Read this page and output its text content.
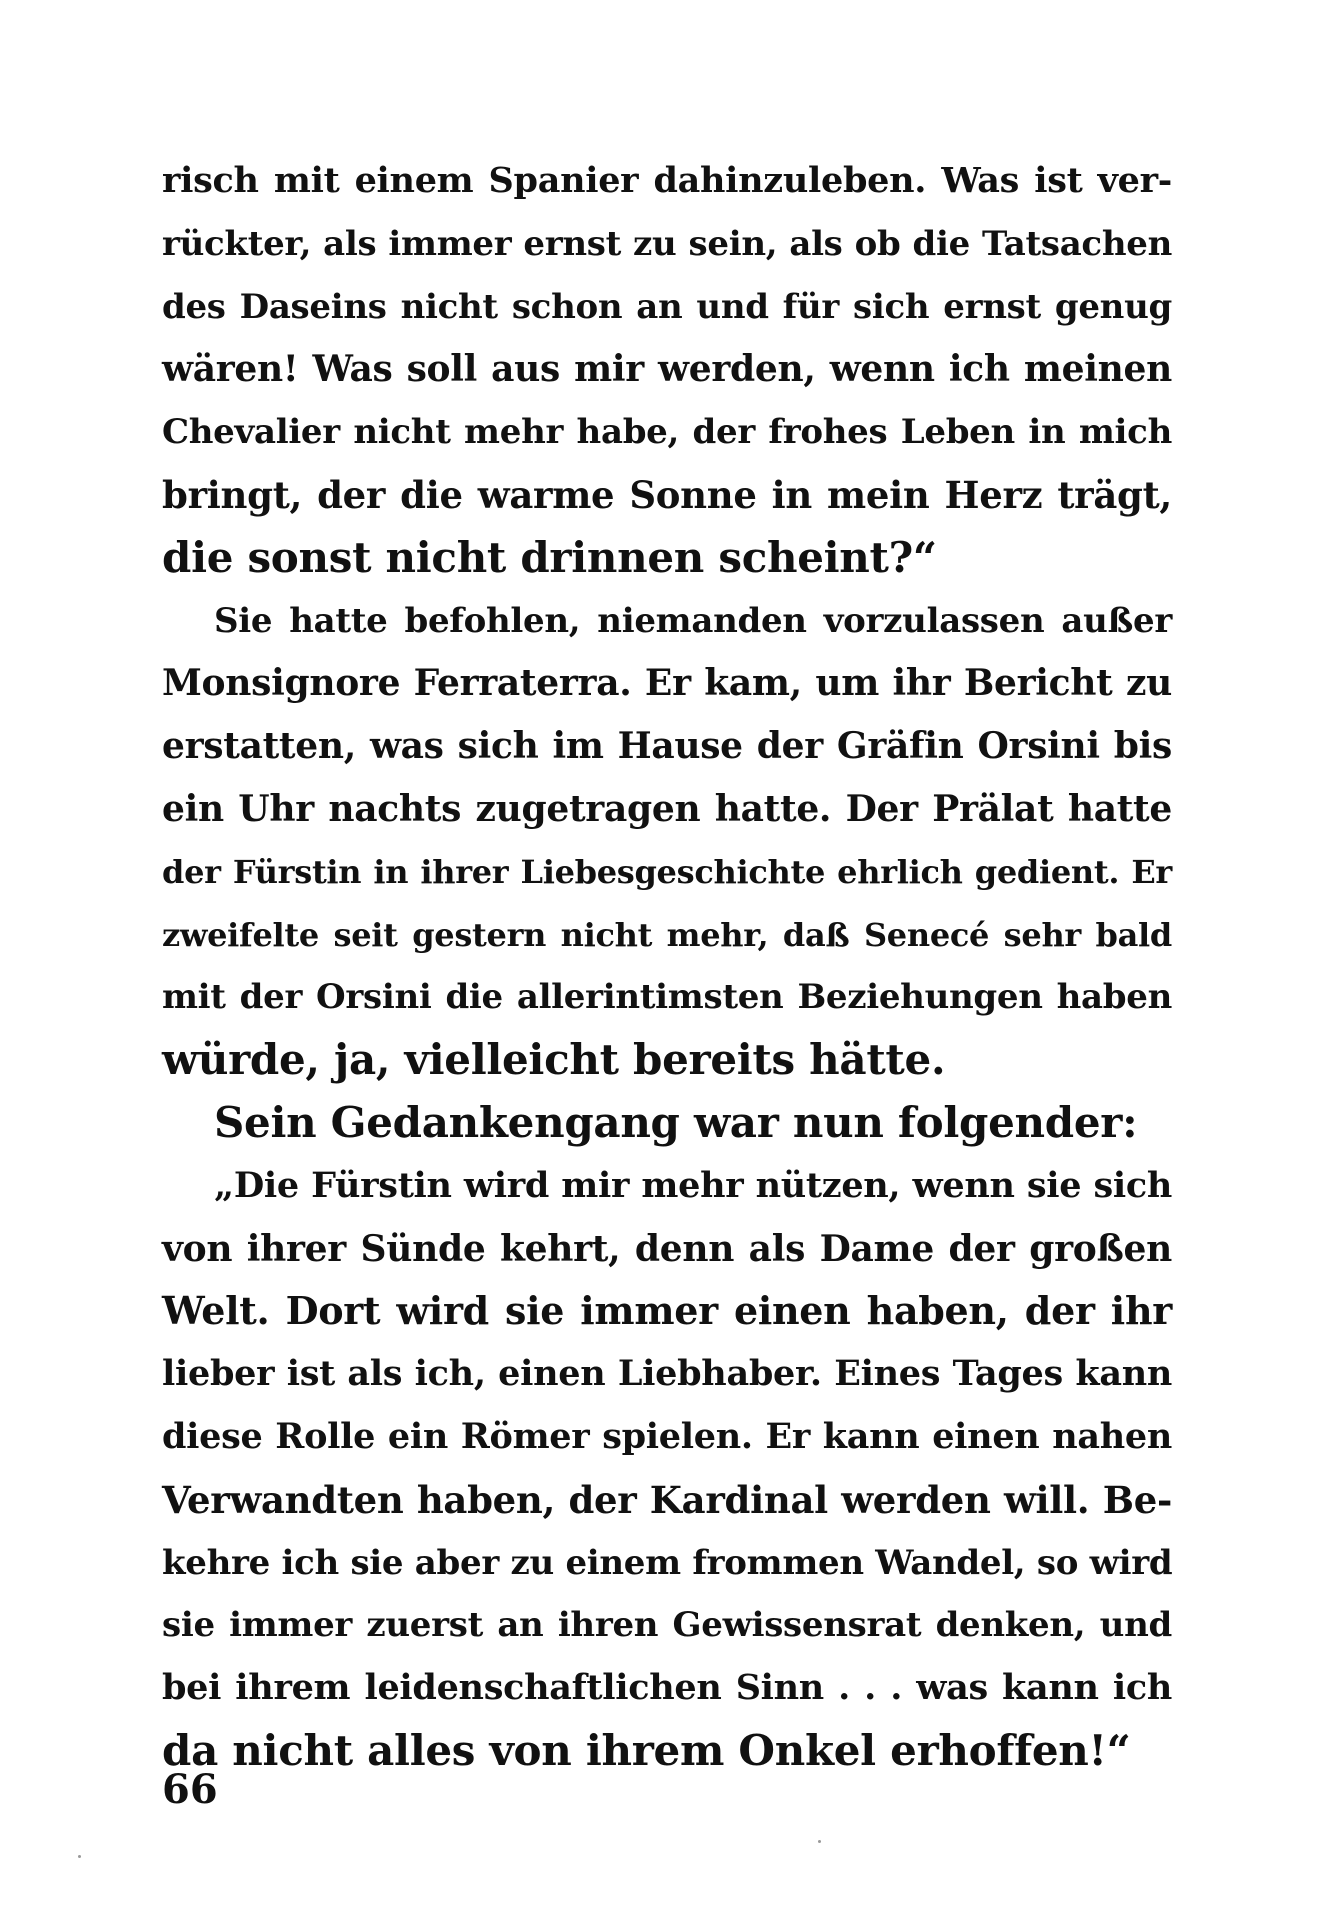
risch mit einem Spanier dahinzuleben. Was ist ver-
rückter, als immer ernst zu sein, als ob die Tatsachen
des Daseins nicht schon an und für sich ernst genug
wären! Was soll aus mir werden, wenn ich meinen
Chevalier nicht mehr habe, der frohes Leben in mich
bringt, der die warme Sonne in mein Herz trägt,
die sonst nicht drinnen scheint?“
Sie hatte befohlen, niemanden vorzulassen außer
Monsignore Ferraterra. Er kam, um ihr Bericht zu
erstatten, was sich im Hause der Gräfin Orsini bis
ein Uhr nachts zugetragen hatte. Der Prälat hatte
der Fürstin in ihrer Liebesgeschichte ehrlich gedient. Er
zweifelte seit gestern nicht mehr, daß Senecé sehr bald
mit der Orsini die allerintimsten Beziehungen haben
würde, ja, vielleicht bereits hätte.
Sein Gedankengang war nun folgender:
„Die Fürstin wird mir mehr nützen, wenn sie sich
von ihrer Sünde kehrt, denn als Dame der großen
Welt. Dort wird sie immer einen haben, der ihr
lieber ist als ich, einen Liebhaber. Eines Tages kann
diese Rolle ein Römer spielen. Er kann einen nahen
Verwandten haben, der Kardinal werden will. Be-
kehre ich sie aber zu einem frommen Wandel, so wird
sie immer zuerst an ihren Gewissensrat denken, und
bei ihrem leidenschaftlichen Sinn . . . was kann ich
da nicht alles von ihrem Onkel erhoffen!“
66
